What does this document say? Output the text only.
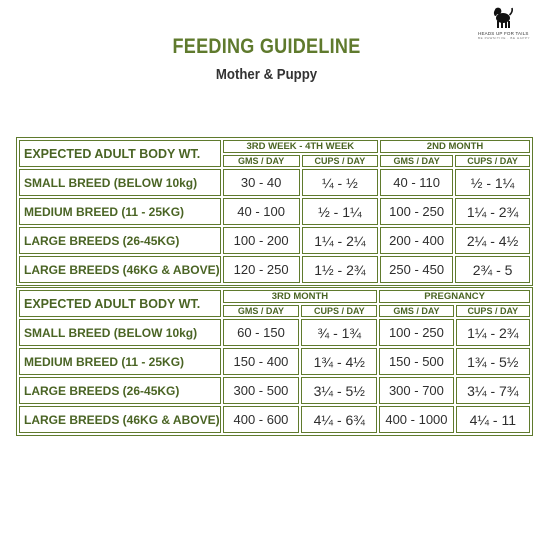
HEADS UP FOR TAILS
BE PAWSITIVE . BE HAPPY
FEEDING GUIDELINE
Mother & Puppy
EXPECTED ADULT BODY WT.	3RD WEEK - 4TH WEEK		2ND MONTH	
	GMS / DAY	CUPS / DAY	GMS / DAY	CUPS / DAY
SMALL BREED (BELOW 10kg)	30 - 40	¼ - ½	40 - 110	½ - 1¼
MEDIUM BREED (11 - 25KG)	40 - 100	½ - 1¼	100 - 250	1¼ - 2¾
LARGE BREEDS (26-45KG)	100 - 200	1¼ - 2¼	200 - 400	2¼ - 4½
LARGE BREEDS (46KG & ABOVE)	120 - 250	1½ - 2¾	250 - 450	2¾ - 5
EXPECTED ADULT BODY WT.	3RD MONTH		PREGNANCY	
	GMS / DAY	CUPS / DAY	GMS / DAY	CUPS / DAY
SMALL BREED (BELOW 10kg)	60 - 150	¾ - 1¾	100 - 250	1¼ - 2¾
MEDIUM BREED (11 - 25KG)	150 - 400	1¾ - 4½	150 - 500	1¾ - 5½
LARGE BREEDS (26-45KG)	300 - 500	3¼ - 5½	300 - 700	3¼ - 7¾
LARGE BREEDS (46KG & ABOVE)	400 - 600	4¼ - 6¾	400 - 1000	4¼ - 11
